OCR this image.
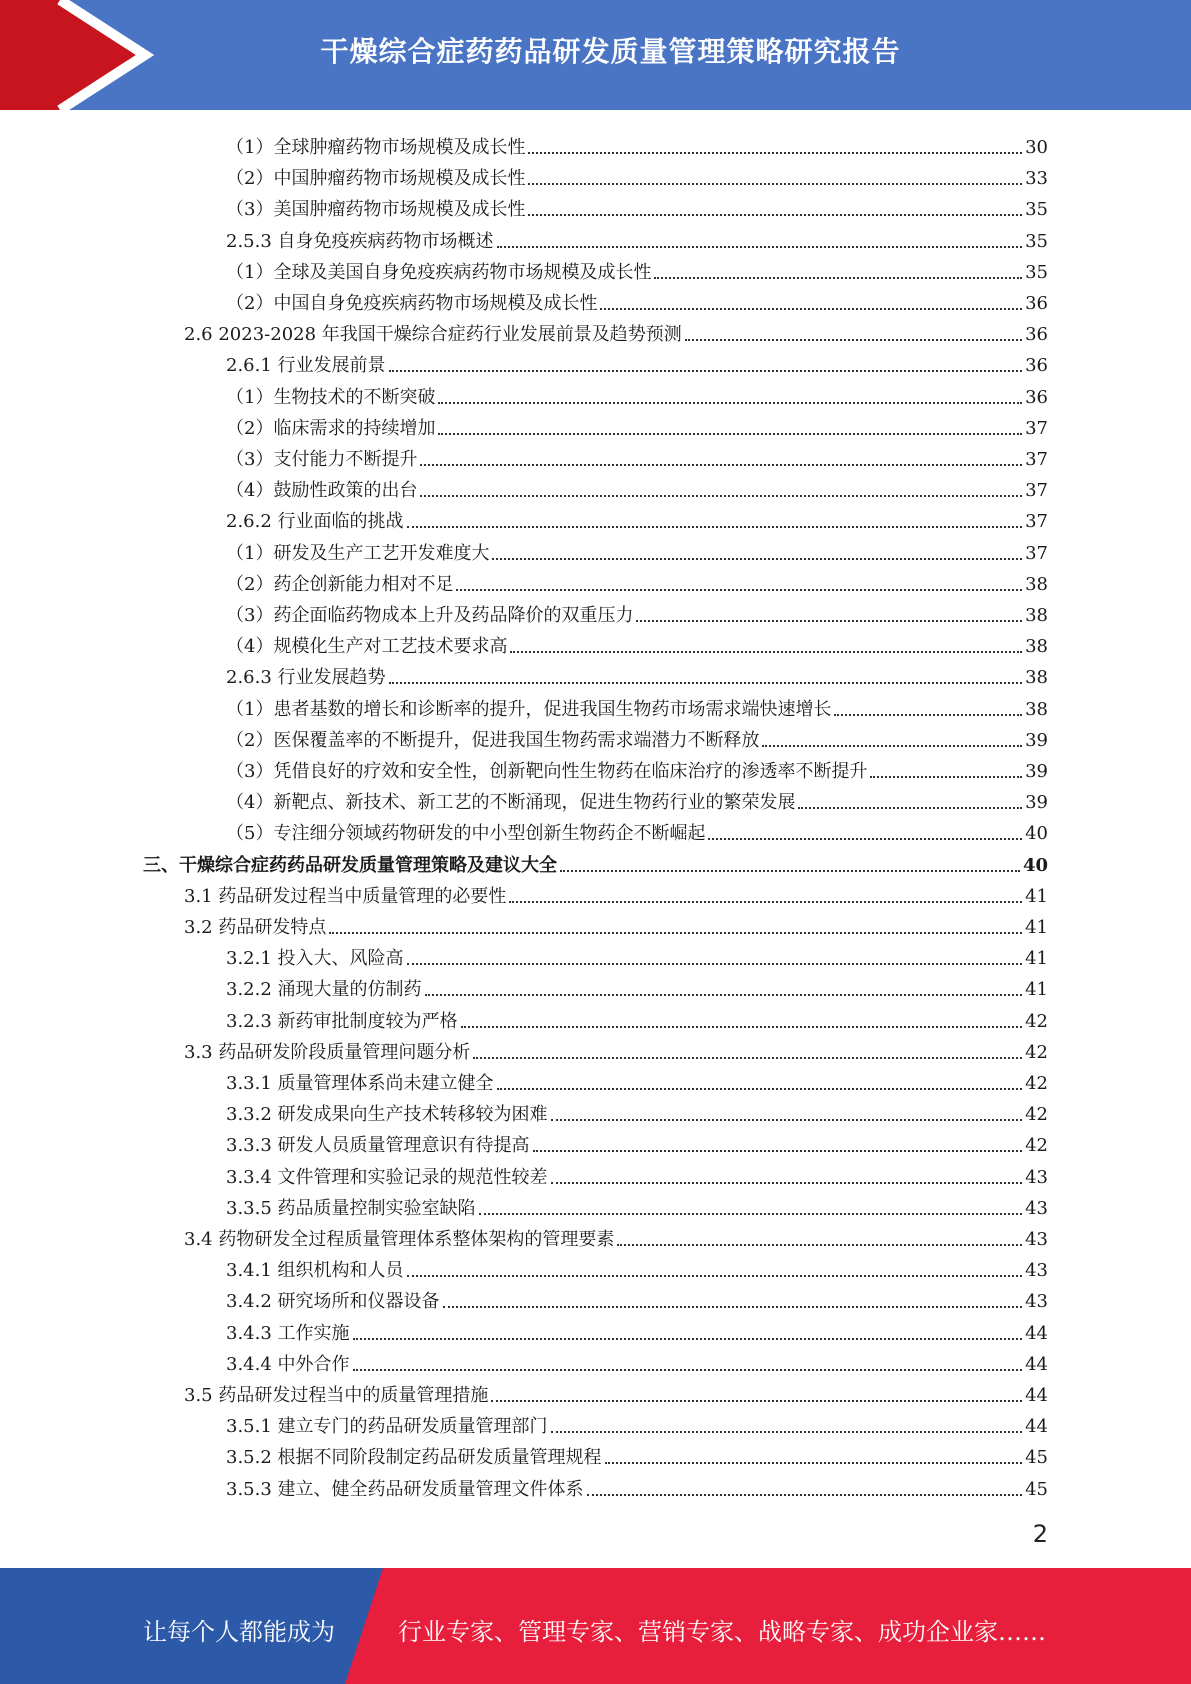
干燥综合症药药品研发质量管理策略研究报告
（1）全球肿瘤药物市场规模及成长性	30
（2）中国肿瘤药物市场规模及成长性	33
（3）美国肿瘤药物市场规模及成长性	35
2.5.3 自身免疫疾病药物市场概述	35
（1）全球及美国自身免疫疾病药物市场规模及成长性	35
（2）中国自身免疫疾病药物市场规模及成长性	36
2.6 2023-2028 年我国干燥综合症药行业发展前景及趋势预测	36
2.6.1 行业发展前景	36
（1）生物技术的不断突破	36
（2）临床需求的持续增加	37
（3）支付能力不断提升	37
（4）鼓励性政策的出台	37
2.6.2 行业面临的挑战	37
（1）研发及生产工艺开发难度大	37
（2）药企创新能力相对不足	38
（3）药企面临药物成本上升及药品降价的双重压力	38
（4）规模化生产对工艺技术要求高	38
2.6.3 行业发展趋势	38
（1）患者基数的增长和诊断率的提升，促进我国生物药市场需求端快速增长	38
（2）医保覆盖率的不断提升，促进我国生物药需求端潜力不断释放	39
（3）凭借良好的疗效和安全性，创新靶向性生物药在临床治疗的渗透率不断提升	39
（4）新靶点、新技术、新工艺的不断涌现，促进生物药行业的繁荣发展	39
（5）专注细分领域药物研发的中小型创新生物药企不断崛起	40
三、干燥综合症药药品研发质量管理策略及建议大全	40
3.1 药品研发过程当中质量管理的必要性	41
3.2 药品研发特点	41
3.2.1 投入大、风险高	41
3.2.2 涌现大量的仿制药	41
3.2.3 新药审批制度较为严格	42
3.3 药品研发阶段质量管理问题分析	42
3.3.1 质量管理体系尚未建立健全	42
3.3.2 研发成果向生产技术转移较为困难	42
3.3.3 研发人员质量管理意识有待提高	42
3.3.4 文件管理和实验记录的规范性较差	43
3.3.5 药品质量控制实验室缺陷	43
3.4 药物研发全过程质量管理体系整体架构的管理要素	43
3.4.1 组织机构和人员	43
3.4.2 研究场所和仪器设备	43
3.4.3 工作实施	44
3.4.4 中外合作	44
3.5 药品研发过程当中的质量管理措施	44
3.5.1 建立专门的药品研发质量管理部门	44
3.5.2 根据不同阶段制定药品研发质量管理规程	45
3.5.3 建立、健全药品研发质量管理文件体系	45
2
让每个人都能成为	行业专家、管理专家、营销专家、战略专家、成功企业家……
